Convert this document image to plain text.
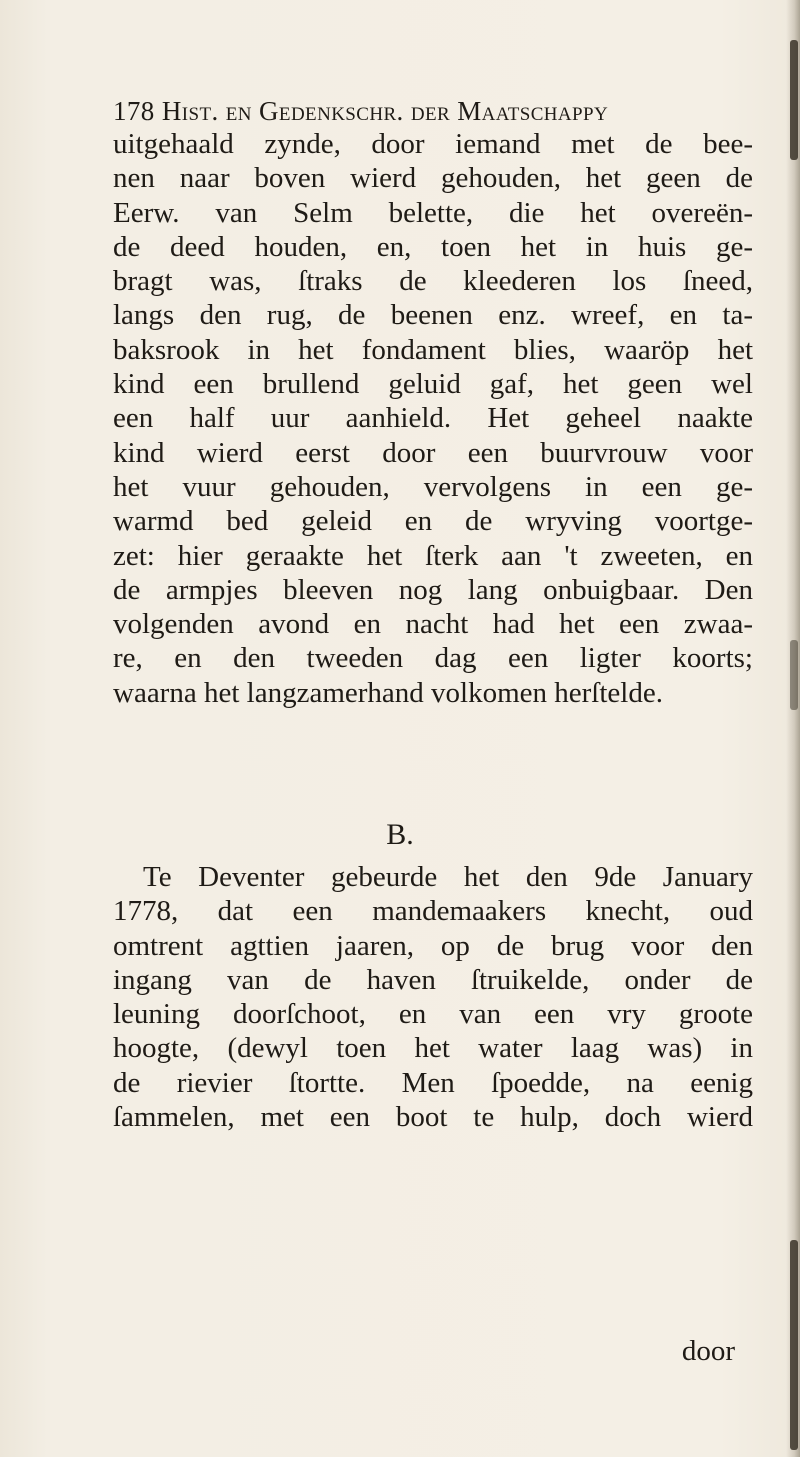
178 Hist. en Gedenkschr. der Maatschappy
uitgehaald zynde, door iemand met de bee-
nen naar boven wierd gehouden, het geen de
Eerw. van Selm belette, die het overeën-
de deed houden, en, toen het in huis ge-
bragt was, ſtraks de kleederen los ſneed,
langs den rug, de beenen enz. wreef, en ta-
baksrook in het fondament blies, waaröp het
kind een brullend geluid gaf, het geen wel
een half uur aanhield. Het geheel naakte
kind wierd eerst door een buurvrouw voor
het vuur gehouden, vervolgens in een ge-
warmd bed geleid en de wryving voortge-
zet: hier geraakte het ſterk aan 't zweeten, en
de armpjes bleeven nog lang onbuigbaar. Den
volgenden avond en nacht had het een zwaa-
re, en den tweeden dag een ligter koorts;
waarna het langzamerhand volkomen herſtelde.
B.
Te Deventer gebeurde het den 9de January
1778, dat een mandemaakers knecht, oud
omtrent agttien jaaren, op de brug voor den
ingang van de haven ſtruikelde, onder de
leuning doorſchoot, en van een vry groote
hoogte, (dewyl toen het water laag was) in
de rievier ſtortte. Men ſpoedde, na eenig
ſammelen, met een boot te hulp, doch wierd
door
